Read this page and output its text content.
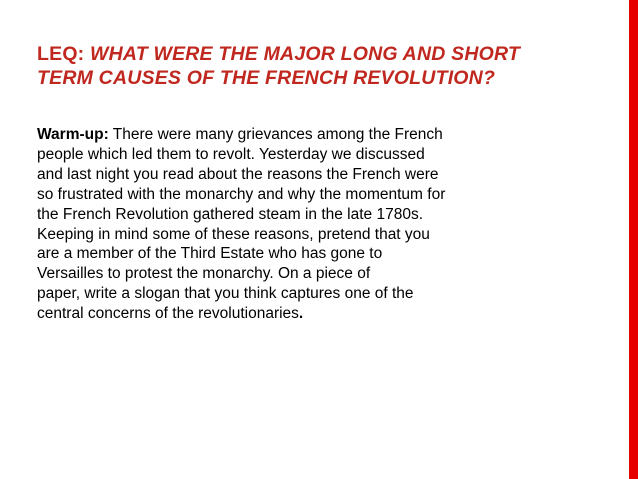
LEQ: WHAT WERE THE MAJOR LONG AND SHORT
TERM CAUSES OF THE FRENCH REVOLUTION?
Warm-up: There were many grievances among the French
people which led them to revolt. Yesterday we discussed
and last night you read about the reasons the French were
so frustrated with the monarchy and why the momentum for
the French Revolution gathered steam in the late 1780s.
Keeping in mind some of these reasons, pretend that you
are a member of the Third Estate who has gone to
Versailles to protest the monarchy. On a piece of
paper, write a slogan that you think captures one of the
central concerns of the revolutionaries.
